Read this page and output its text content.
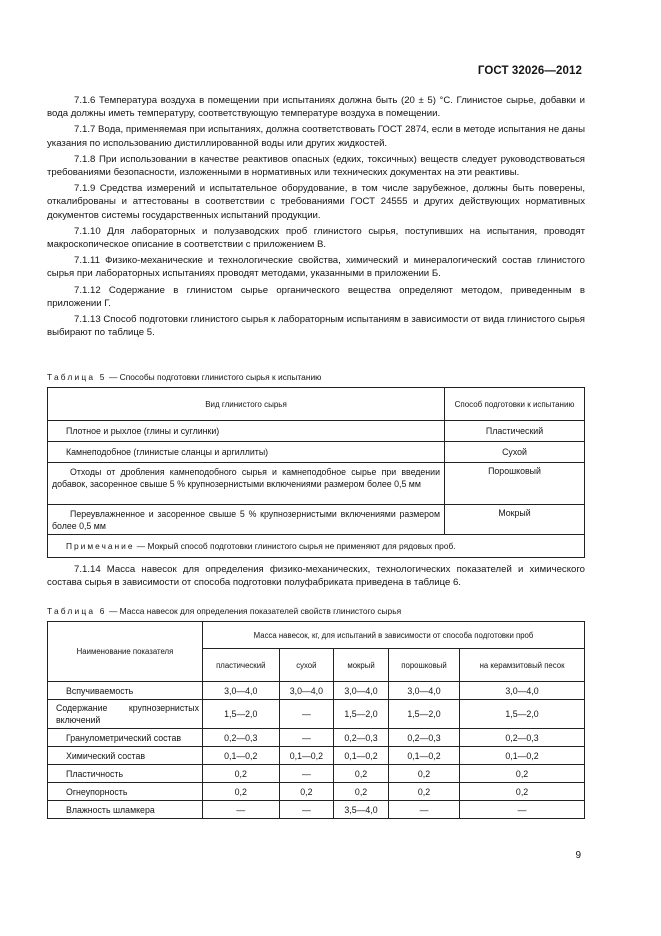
ГОСТ 32026—2012

7.1.6 Температура воздуха в помещении при испытаниях должна быть (20 ± 5) °С. Глинистое сырье, добавки и вода должны иметь температуру, соответствующую температуре воздуха в помещении.

7.1.7 Вода, применяемая при испытаниях, должна соответствовать ГОСТ 2874, если в методе испытания не даны указания по использованию дистиллированной воды или других жидкостей.

7.1.8 При использовании в качестве реактивов опасных (едких, токсичных) веществ следует руководствоваться требованиями безопасности, изложенными в нормативных или технических документах на эти реактивы.

7.1.9 Средства измерений и испытательное оборудование, в том числе зарубежное, должны быть поверены, откалиброваны и аттестованы в соответствии с требованиями ГОСТ 24555 и других действующих нормативных документов системы государственных испытаний продукции.

7.1.10 Для лабораторных и полузаводских проб глинистого сырья, поступивших на испытания, проводят макроскопическое описание в соответствии с приложением В.

7.1.11 Физико-механические и технологические свойства, химический и минералогический состав глинистого сырья при лабораторных испытаниях проводят методами, указанными в приложении Б.

7.1.12 Содержание в глинистом сырье органического вещества определяют методом, приведенным в приложении Г.

7.1.13 Способ подготовки глинистого сырья к лабораторным испытаниям в зависимости от вида глинистого сырья выбирают по таблице 5.

Таблица 5 — Способы подготовки глинистого сырья к испытанию
Вид глинистого сырья	Способ подготовки к испытанию
Плотное и рыхлое (глины и суглинки)	Пластический
Камнеподобное (глинистые сланцы и аргиллиты)	Сухой
Отходы от дробления камнеподобного сырья и камнеподобное сырье при введении добавок, засоренное свыше 5 % крупнозернистыми включениями размером более 0,5 мм	Порошковый
Переувлажненное и засоренное свыше 5 % крупнозернистыми включениями размером более 0,5 мм	Мокрый
Примечание — Мокрый способ подготовки глинистого сырья не применяют для рядовых проб.	

7.1.14 Масса навесок для определения физико-механических, технологических показателей и химического состава сырья в зависимости от способа подготовки полуфабриката приведена в таблице 6.

Таблица 6 — Масса навесок для определения показателей свойств глинистого сырья
Наименование показателя	Масса навесок, кг, для испытаний в зависимости от способа подготовки проб				
	пластический	сухой	мокрый	порошковый	на керамзитовый песок
Вспучиваемость	3,0—4,0	3,0—4,0	3,0—4,0	3,0—4,0	3,0—4,0
Содержание крупнозернистых включений	1,5—2,0	—	1,5—2,0	1,5—2,0	1,5—2,0
Гранулометрический состав	0,2—0,3	—	0,2—0,3	0,2—0,3	0,2—0,3
Химический состав	0,1—0,2	0,1—0,2	0,1—0,2	0,1—0,2	0,1—0,2
Пластичность	0,2	—	0,2	0,2	0,2
Огнеупорность	0,2	0,2	0,2	0,2	0,2
Влажность шламкера	—	—	3,5—4,0	—	—
9
